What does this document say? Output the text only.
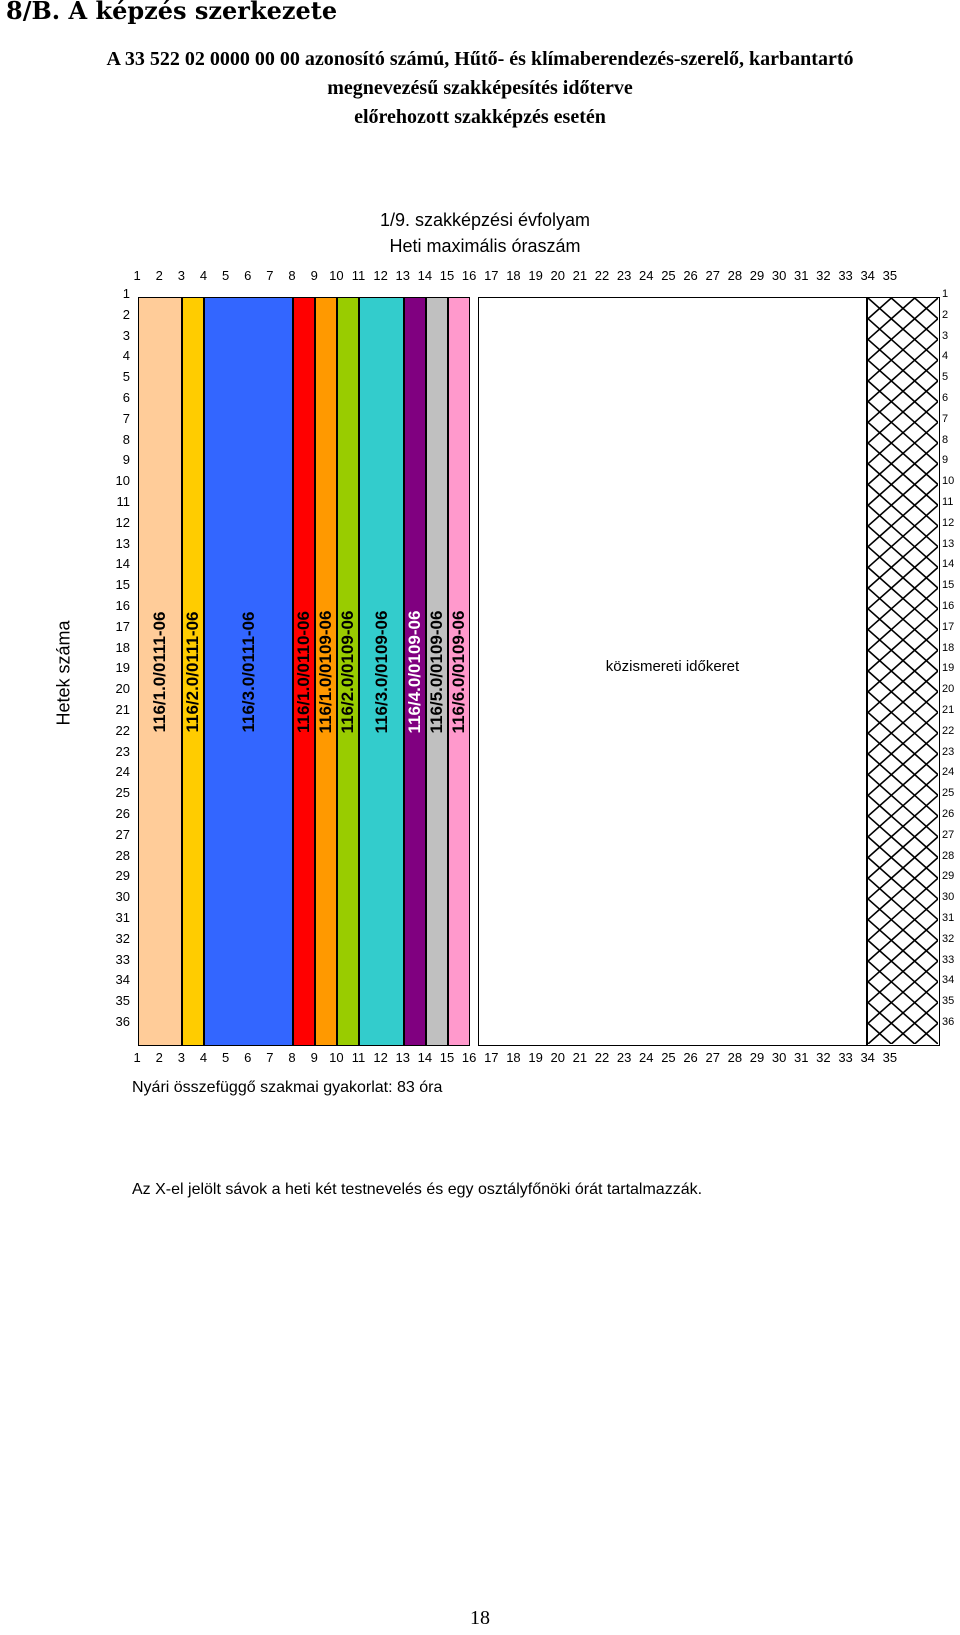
8/B. A képzés szerkezete

A 33 522 02 0000 00 00 azonosító számú, Hűtő- és klímaberendezés-szerelő, karbantartó

megnevezésű szakképesítés időterve

előrehozott szakképzés esetén

1/9. szakképzési évfolyam
Heti maximális óraszám
Hetek száma
1	2	3	4	5	6	7	8	9 10 11 12 13 14 15 16 17 18 19 20 21 22 23 24 25 26 27 28 29 30 31 32 33 34 35
1	2	3	4	5	6	7	8	9 10 11 12 13 14 15 16 17 18 19 20 21 22 23 24 25 26 27 28 29 30 31 32 33 34 35
1
2
3
4
5
6
7
8
9
10
11
12
13
14
15
16
17
18
19
20
21
22
23
24
25
26
27
28
29
30
31
32
33
34
35
36
1
2
3
4
5
6
7
8
9
10
11
12
13
14
15
16
17
18
19
20
21
22
23
24
25
26
27
28
29
30
31
32
33
34
35
36
116/1.0/0111-06 116/2.0/0111-06 116/3.0/0111-06 116/1.0/0110-06 116/1.0/0109-06 116/2.0/0109-06 116/3.0/0109-06 116/4.0/0109-06 116/5.0/0109-06 116/6.0/0109-06	közismereti időkeret
Nyári összefüggő szakmai gyakorlat: 83 óra
Az X-el jelölt sávok a heti két testnevelés és egy osztályfőnöki órát tartalmazzák.
18
